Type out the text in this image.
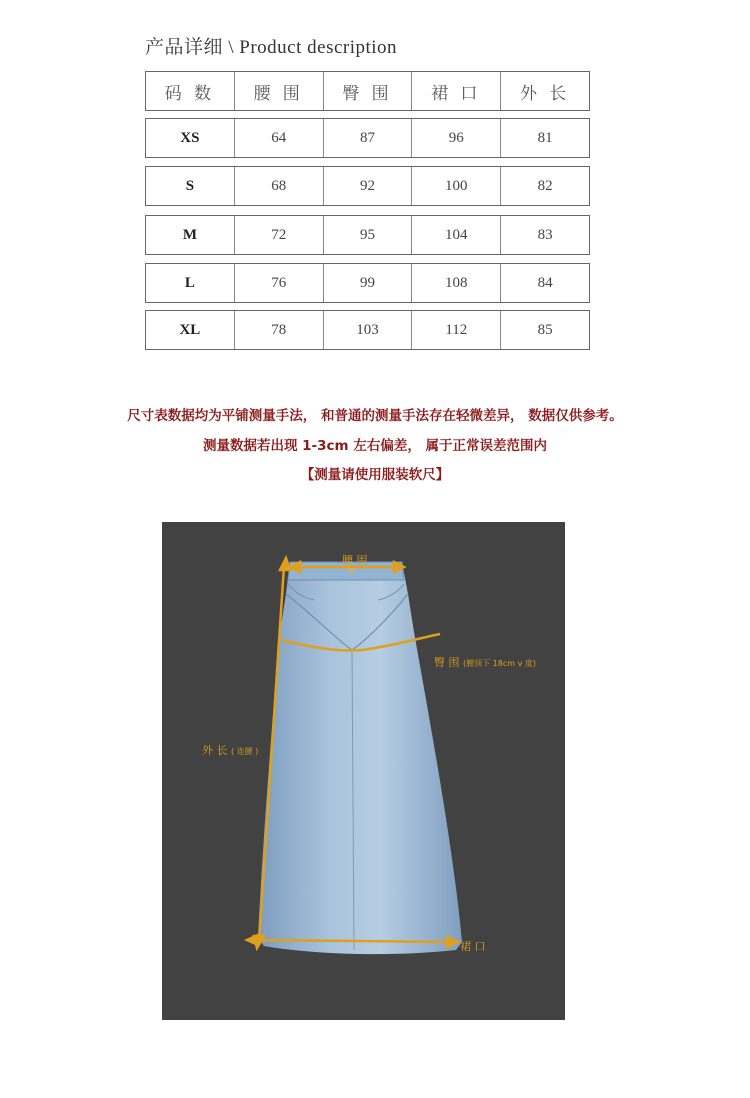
产品详细 \ Product description
码 数	腰 围	臀 围	裙 口	外 长
XS	64	87	96	81
S	68	92	100	82
M	72	95	104	83
L	76	99	108	84
XL	78	103	112	85
尺寸表数据均为平铺测量手法， 和普通的测量手法存在轻微差异， 数据仅供参考。
测量数据若出现 1-3cm 左右偏差， 属于正常误差范围内
【测量请使用服装软尺】
腰 围
臀 围 (腰顶下 18cm v 度)
外 长 ( 连腰 )
裙 口
